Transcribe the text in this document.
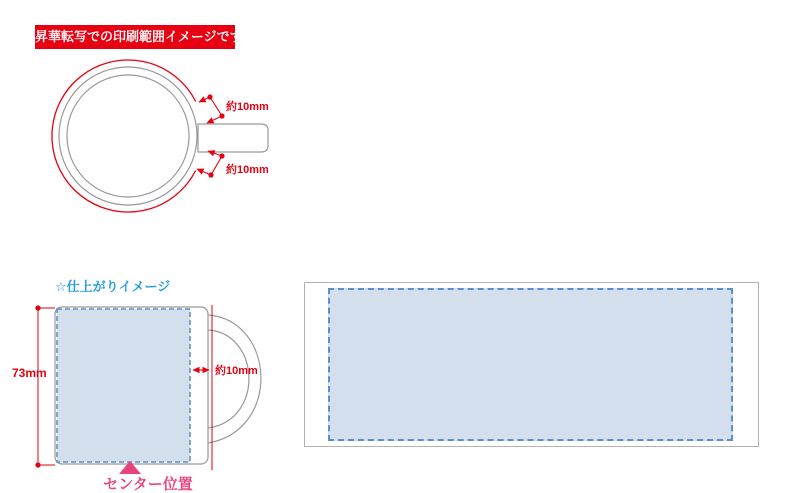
昇華転写での印刷範囲イメージです
約10mm
約10mm
☆仕上がりイメージ
73mm	約10mm
センター位置
